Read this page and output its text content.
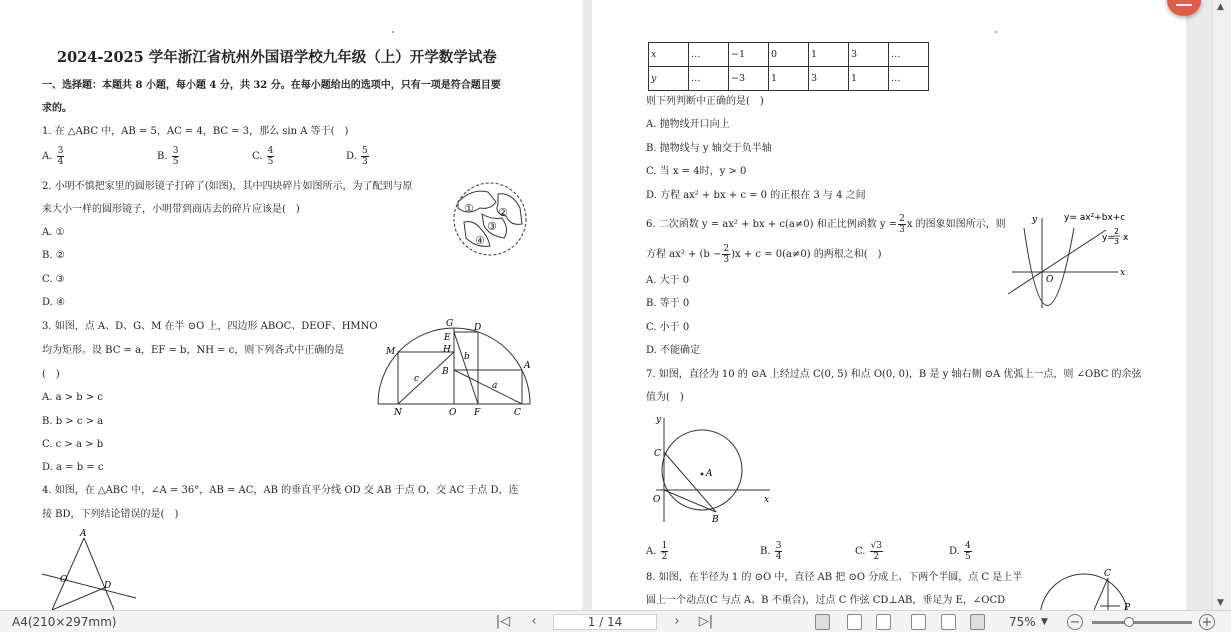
2024-2025 学年浙江省杭州外国语学校九年级（上）开学数学试卷
一、选择题：本题共 8 小题，每小题 4 分，共 32 分。在每小题给出的选项中，只有一项是符合题目要
求的。
1. 在 △ABC 中，AB = 5，AC = 4，BC = 3，那么 sin A 等于(　)
A. $\frac{3}{4}$	B. $\frac{3}{5}$	C. $\frac{4}{5}$	D. $\frac{5}{3}$
2. 小明不慎把家里的圆形镜子打碎了(如图)，其中四块碎片如图所示，为了配到与原
来大小一样的圆形镜子，小明带到商店去的碎片应该是(　)
A. ①
B. ②
C. ③
D. ④
① ②
③
④
3. 如图，点 A、D、G、M 在半 ⊙O 上，四边形 ABOC、DEOF、HMNO
均为矩形。设 BC = a，EF = b，NH = c，则下列各式中正确的是
(　)
A. a > b > c
B. b > c > a
C. c > a > b
D. a = b = c
G D
E
H
M	b
c
B
A
a
N	O F	C
4. 如图，在 △ABC 中，∠A = 36°，AB = AC，AB 的垂直平分线 OD 交 AB 于点 O，交 AC 于点 D，连
接 BD，下列结论错误的是(　)
A
O
D
x	…	−1	0	1	3	…
y	…	−3	1	3	1	…
则下列判断中正确的是(　)
A. 抛物线开口向上
B. 抛物线与 y 轴交于负半轴
C. 当 x = 4时，y > 0
D. 方程 ax² + bx + c = 0 的正根在 3 与 4 之间
6. 二次函数 y = ax² + bx + c(a≠0) 和正比例函数 $y = \frac{2}{3}$ x 的图象如图所示，则
方程 $ax^2 + (b - \frac{2}{3} )x + c = 0(a\ne 0)$ 的两根之和(　)
A. 大于 0
B. 等于 0
C. 小于 0
D. 不能确定
y
x
O
y= ax²+bx+c
y=
2
3 x
7. 如图，直径为 10 的 ⊙A 上经过点 C(0, 5) 和点 O(0, 0)，B 是 y 轴右侧 ⊙A 优弧上一点，则 ∠OBC 的余弦
值为(　)
y
C
A
O	x
B
A. $\frac{1}{2}$	B. $\frac{3}{4}$	C. $\frac{√3}{2}$	D. $\frac{4}{5}$
8. 如图，在半径为 1 的 ⊙O 中，直径 AB 把 ⊙O 分成上、下两个半圆，点 C 是上半
圆上一个动点(C 与点 A、B 不重合)，过点 C 作弦 CD⊥AB，垂足为 E，∠OCD
C
P
▲
▼
A4(210×297mm)	|◁	‹	1 / 14	›	▷|	75% ▼ −	+
